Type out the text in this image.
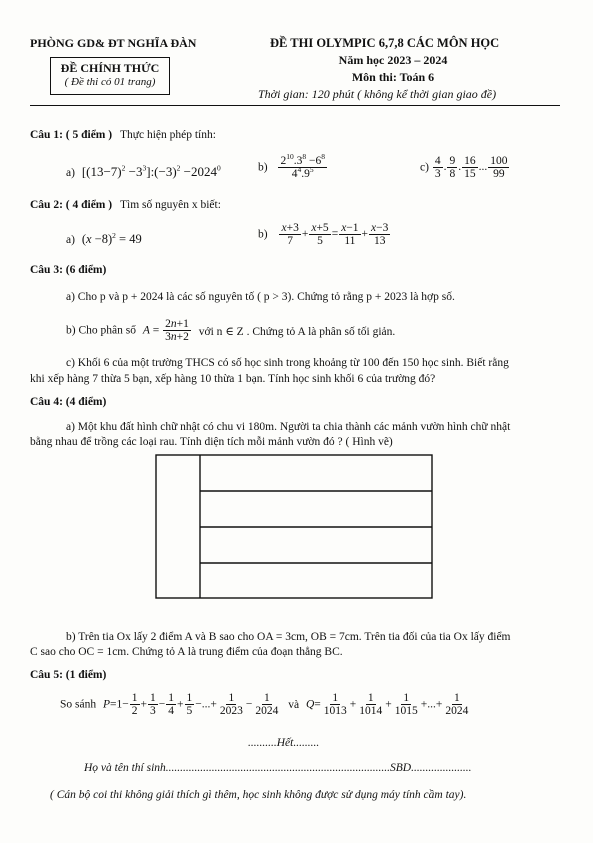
PHÒNG GD& ĐT NGHĨA ĐÀN
ĐỀ CHÍNH THỨC
( Đề thi có 01 trang)
ĐỀ THI OLYMPIC 6,7,8 CÁC MÔN HỌC
Năm học 2023 – 2024
Môn thi: Toán 6
Thời gian: 120 phút ( không kể thời gian giao đề)
Câu 1: ( 5 điểm ) Thực hiện phép tính:
a) [$(13-7)^2$ $-3^3]:(-3)^2 -2024^0$	$b) \frac{2^{10}.3^8 -6^8}{4^4.9^5}$	$c) \frac{4}{3}$ . $\frac{9}{8}$ . $\frac{16}{15}$ ... $\frac{100}{99}$
Câu 2: ( 4 điểm ) Tìm số nguyên x biết:
a) $(x -8)^2 = 49$	$b) \frac{x+3}{7} + \frac{x+5}{5} = \frac{x-1}{11} + \frac{x-3}{13}$
Câu 3: (6 điểm)
a) Cho p và p + 2024 là các số nguyên tố ( p > 3). Chứng tỏ rằng p + 2023 là hợp số.
b) Cho phân số $A = \frac{2n+1}{3n+2}$ với n ∈ Z . Chứng tỏ A là phân số tối giản.
c) Khối 6 của một trường THCS có số học sinh trong khoảng từ 100 đến 150 học sinh. Biết rằng
khi xếp hàng 7 thừa 5 bạn, xếp hàng 10 thừa 1 bạn. Tính học sinh khối 6 của trường đó?
Câu 4: (4 điểm)
a) Một khu đất hình chữ nhật có chu vi 180m. Người ta chia thành các mảnh vườn hình chữ nhật
bằng nhau để trồng các loại rau. Tính diện tích mỗi mảnh vườn đó ? ( Hình vẽ)
b) Trên tia Ox lấy 2 điểm A và B sao cho OA = 3cm, OB = 7cm. Trên tia đối của tia Ox lấy điểm
C sao cho OC = 1cm. Chứng tỏ A là trung điểm của đoạn thẳng BC.
Câu 5: (1 điểm)
So sánh $P=1- \frac{1}{2} + \frac{1}{3} - \frac{1}{4} + \frac{1}{5}$ −...+ $\frac{1}{2023} - \frac{1}{2024}$ và $Q= \frac{1}{1013} + \frac{1}{1014} + \frac{1}{1015}$ +...+ $\frac{1}{2024}$
..........Hết.........
Họ và tên thí sinh..............................................................................SBD.....................
( Cán bộ coi thi không giải thích gì thêm, học sinh không được sử dụng máy tính cầm tay).
